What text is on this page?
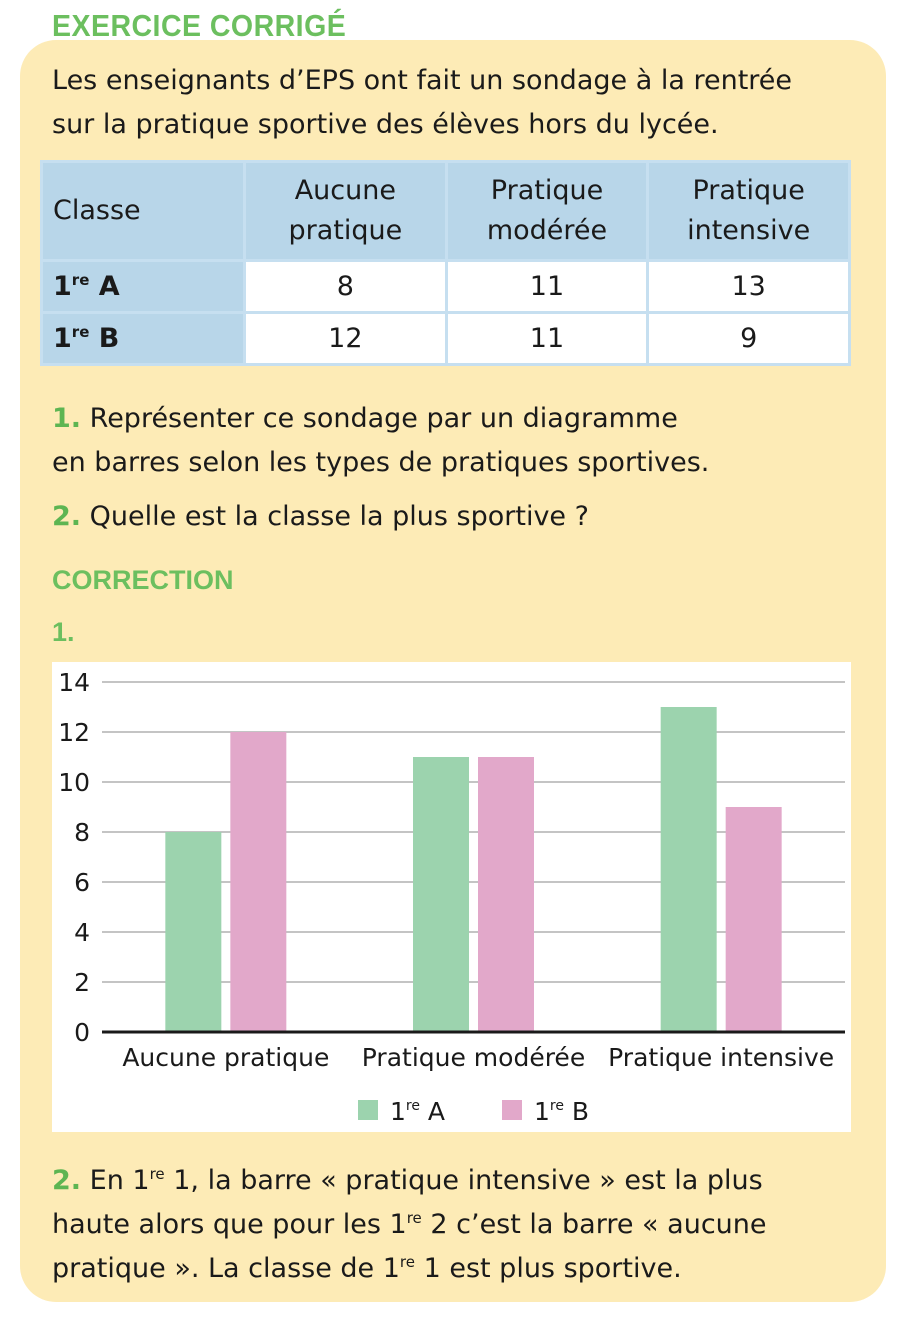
EXERCICE CORRIGÉ
Les enseignants d’EPS ont fait un sondage à la rentrée
sur la pratique sportive des élèves hors du lycée.
Classe	Aucune pratique	Pratique modérée	Pratique intensive
1re A	8	11	13
1re B	12	11	9
1. Représenter ce sondage par un diagramme
en barres selon les types de pratiques sportives.
2. Quelle est la classe la plus sportive ?
CORRECTION
1.
0
2
4
6
8
10
12
14
Aucune pratique Pratique modérée Pratique intensive
1re A	1re B
2. En 1re 1, la barre « pratique intensive » est la plus
haute alors que pour les 1re 2 c’est la barre « aucune
pratique ». La classe de 1re 1 est plus sportive.
